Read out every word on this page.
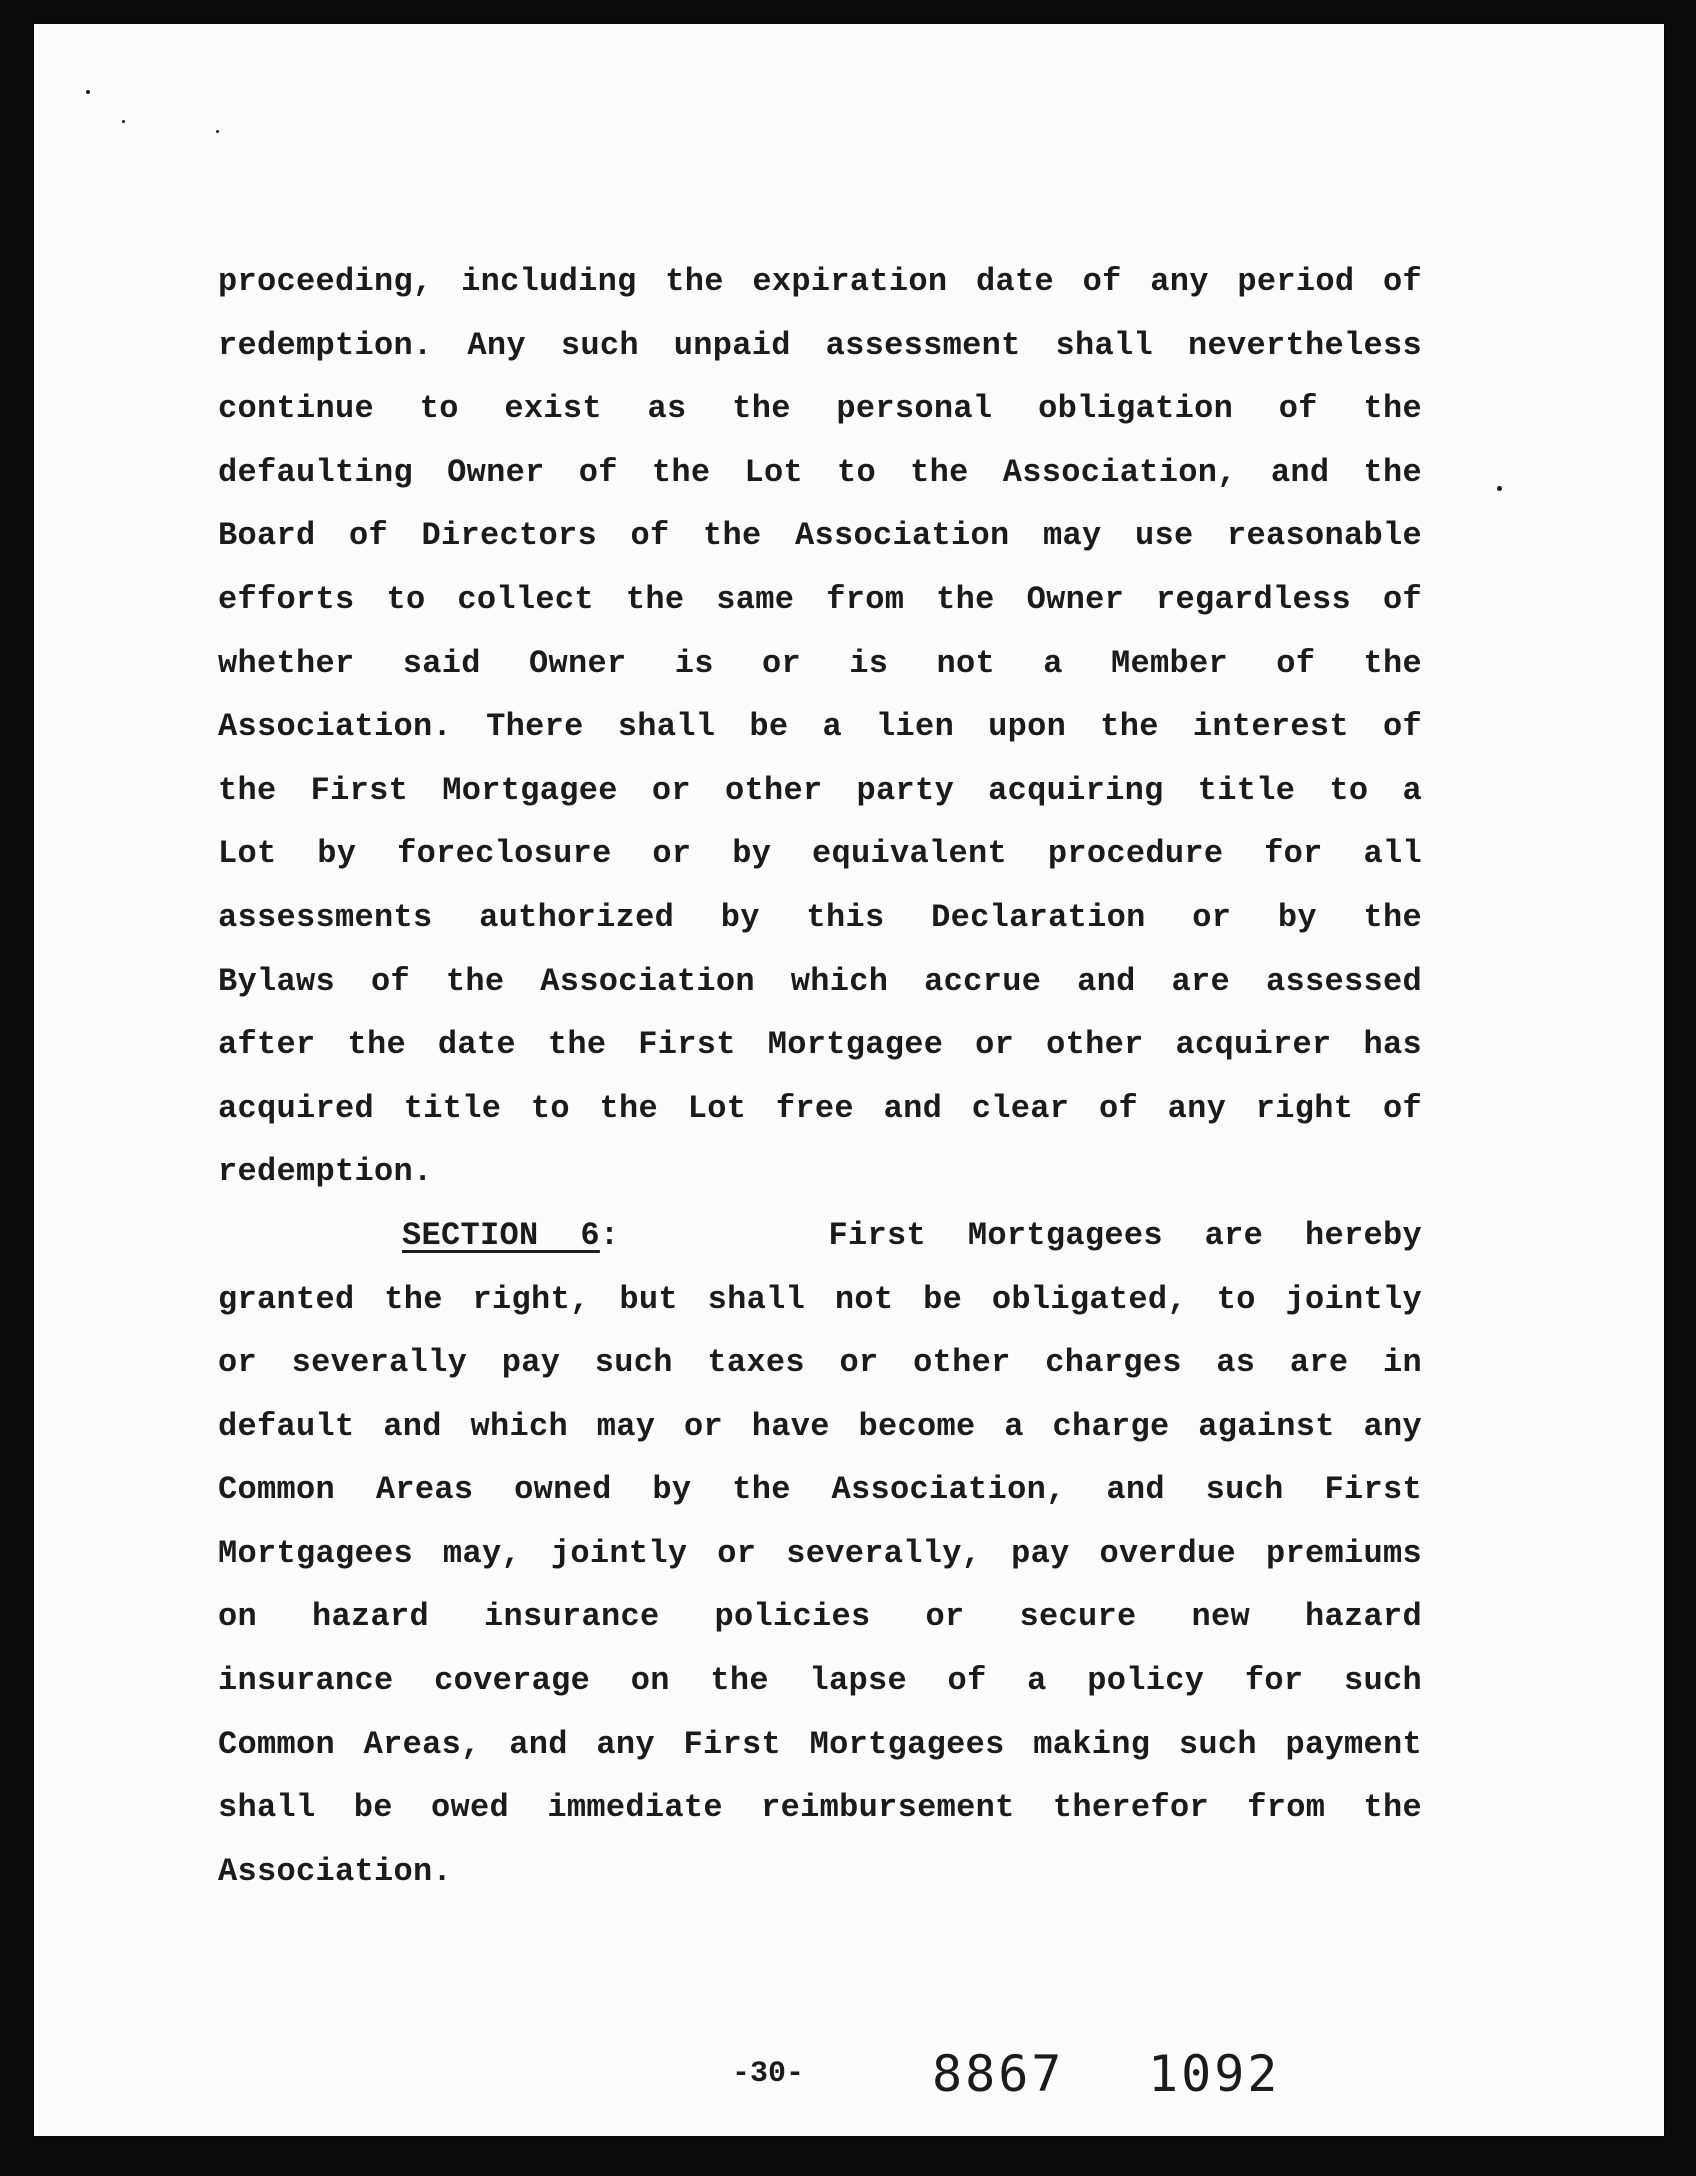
proceeding, including the expiration date of any period of
redemption. Any such unpaid assessment shall nevertheless
continue to exist as the personal obligation of the
defaulting Owner of the Lot to the Association, and the
Board of Directors of the Association may use reasonable
efforts to collect the same from the Owner regardless of
whether said Owner is or is not a Member of the
Association. There shall be a lien upon the interest of
the First Mortgagee or other party acquiring title to a
Lot by foreclosure or by equivalent procedure for all
assessments authorized by this Declaration or by the
Bylaws of the Association which accrue and are assessed
after the date the First Mortgagee or other acquirer has
acquired title to the Lot free and clear of any right of
redemption.
SECTION 6:	First Mortgagees are hereby
granted the right, but shall not be obligated, to jointly
or severally pay such taxes or other charges as are in
default and which may or have become a charge against any
Common Areas owned by the Association, and such First
Mortgagees may, jointly or severally, pay overdue premiums
on hazard insurance policies or secure new hazard
insurance coverage on the lapse of a policy for such
Common Areas, and any First Mortgagees making such payment
shall be owed immediate reimbursement therefor from the
Association.
-30-	8867 1092
